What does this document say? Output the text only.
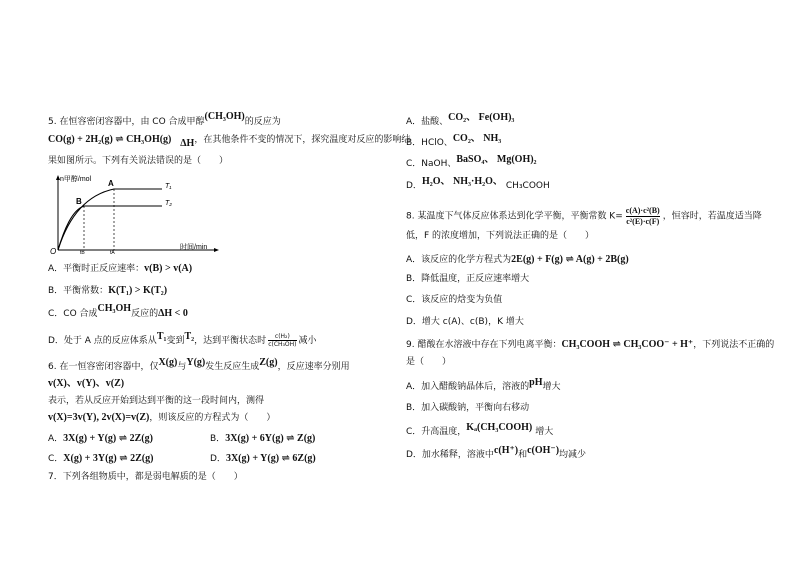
5. 在恒容密闭容器中，由 CO 合成甲醇(CH₃OH)的反应为
CO(g) + 2H₂(g) ⇌ CH₃OH(g) ΔH，在其他条件不变的情况下，探究温度对反应的影响结
果如图所示。下列有关说法错误的是（　　）
n甲醇/mol
时间/min
O
A
B
T₁
T₂
tB	tA
A．平衡时正反应速率：v(B) > v(A)
B．平衡常数：K(T₁) > K(T₂)
C．CO 合成CH₃OH反应的ΔH < 0
D．处于 A 点的反应体系从T₁变到T₂，达到平衡状态时 $\frac{\text{c(H₂)}}{\text{c(CH₃OH)}}$ 减小
6. 在一恒容密闭容器中，仅X(g)与Y(g)发生反应生成Z(g)，反应速率分别用
v(X)、v(Y)、v(Z)
表示，若从反应开始到达到平衡的这一段时间内，测得
v(X)=3v(Y), 2v(X)=v(Z)，则该反应的方程式为（　　）
A．3X(g) + Y(g) ⇌ 2Z(g)	B．3X(g) + 6Y(g) ⇌ Z(g)
C．X(g) + 3Y(g) ⇌ 2Z(g)	D．3X(g) + Y(g) ⇌ 6Z(g)
7．下列各组物质中，都是弱电解质的是（　　）
A．盐酸、CO₂、 Fe(OH)₃
B．HClO、CO₂、 NH₃
C．NaOH、BaSO₄、 Mg(OH)₂
D．H₂O、 NH₃·H₂O、 CH₃COOH
8. 某温度下气体反应体系达到化学平衡，平衡常数 $K= \frac{\text{c(A)·c²(B)}}{\text{c²(E)·c(F)}}$ ，恒容时，若温度适当降
低，F 的浓度增加，下列说法正确的是（　　）
A．该反应的化学方程式为2E(g) + F(g) ⇌ A(g) + 2B(g)
B．降低温度，正反应速率增大
C．该反应的焓变为负值
D．增大 c(A)、c(B)，K 增大
9. 醋酸在水溶液中存在下列电离平衡：CH₃COOH ⇌ CH₃COO⁻ + H⁺，下列说法不正确的
是（　　）
A．加入醋酸钠晶体后，溶液的pH增大
B．加入碳酸钠，平衡向右移动
C．升高温度，Kₐ(CH₃COOH) 增大
D．加水稀释，溶液中c(H⁺)和c(OH⁻)均减少
